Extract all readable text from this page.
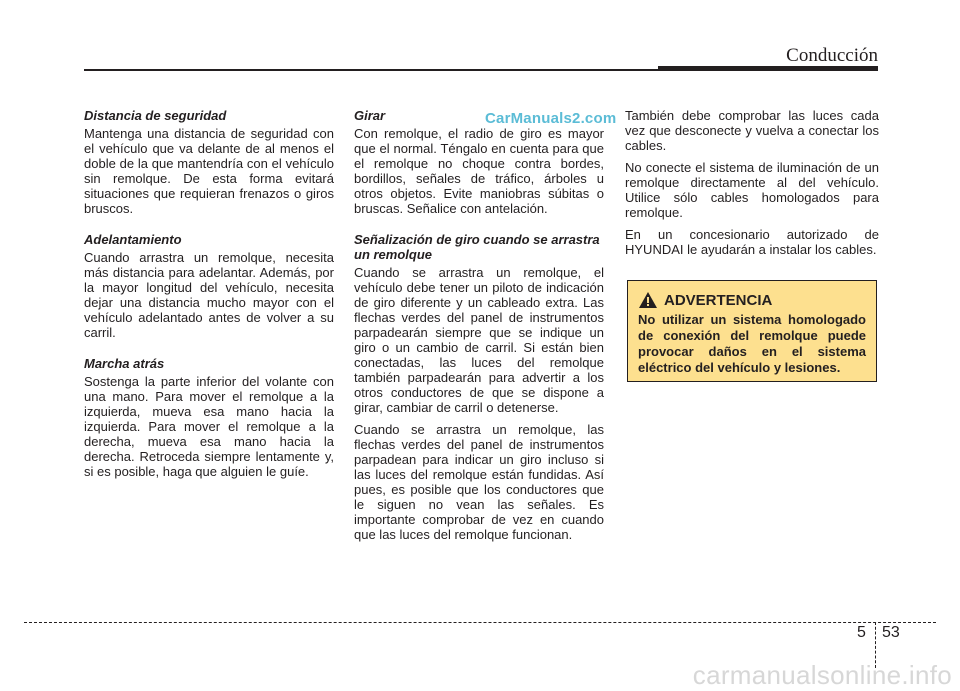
Conducción
Distancia de seguridad

Mantenga una distancia de seguridad con el vehículo que va delante de al menos el doble de la que mantendría con el vehículo sin remolque. De esta forma evitará situaciones que requieran frenazos o giros bruscos.

Adelantamiento

Cuando arrastra un remolque, necesita más distancia para adelantar. Además, por la mayor longitud del vehículo, necesita dejar una distancia mucho mayor con el vehículo adelantado antes de volver a su carril.

Marcha atrás

Sostenga la parte inferior del volante con una mano. Para mover el remolque a la izquierda, mueva esa mano hacia la izquierda. Para mover el remolque a la derecha, mueva esa mano hacia la derecha. Retroceda siempre lentamente y, si es posible, haga que alguien le guíe.

Girar

Con remolque, el radio de giro es mayor que el normal. Téngalo en cuenta para que el remolque no choque contra bordes, bordillos, señales de tráfico, árboles u otros objetos. Evite maniobras súbitas o bruscas. Señalice con antelación.

Señalización de giro cuando se arrastra un remolque

Cuando se arrastra un remolque, el vehículo debe tener un piloto de indicación de giro diferente y un cableado extra. Las flechas verdes del panel de instrumentos parpadearán siempre que se indique un giro o un cambio de carril. Si están bien conectadas, las luces del remolque también parpadearán para advertir a los otros conductores de que se dispone a girar, cambiar de carril o detenerse.

Cuando se arrastra un remolque, las flechas verdes del panel de instrumentos parpadean para indicar un giro incluso si las luces del remolque están fundidas. Así pues, es posible que los conductores que le siguen no vean las señales. Es importante comprobar de vez en cuando que las luces del remolque funcionan.

También debe comprobar las luces cada vez que desconecte y vuelva a conectar los cables.

No conecte el sistema de iluminación de un remolque directamente al del vehículo. Utilice sólo cables homologados para remolque.

En un concesionario autorizado de HYUNDAI le ayudarán a instalar los cables.

CarManuals2.com
ADVERTENCIA
No utilizar un sistema homologado de conexión del remolque puede provocar daños en el sistema eléctrico del vehículo y lesiones.
5 53
carmanualsonline.info
